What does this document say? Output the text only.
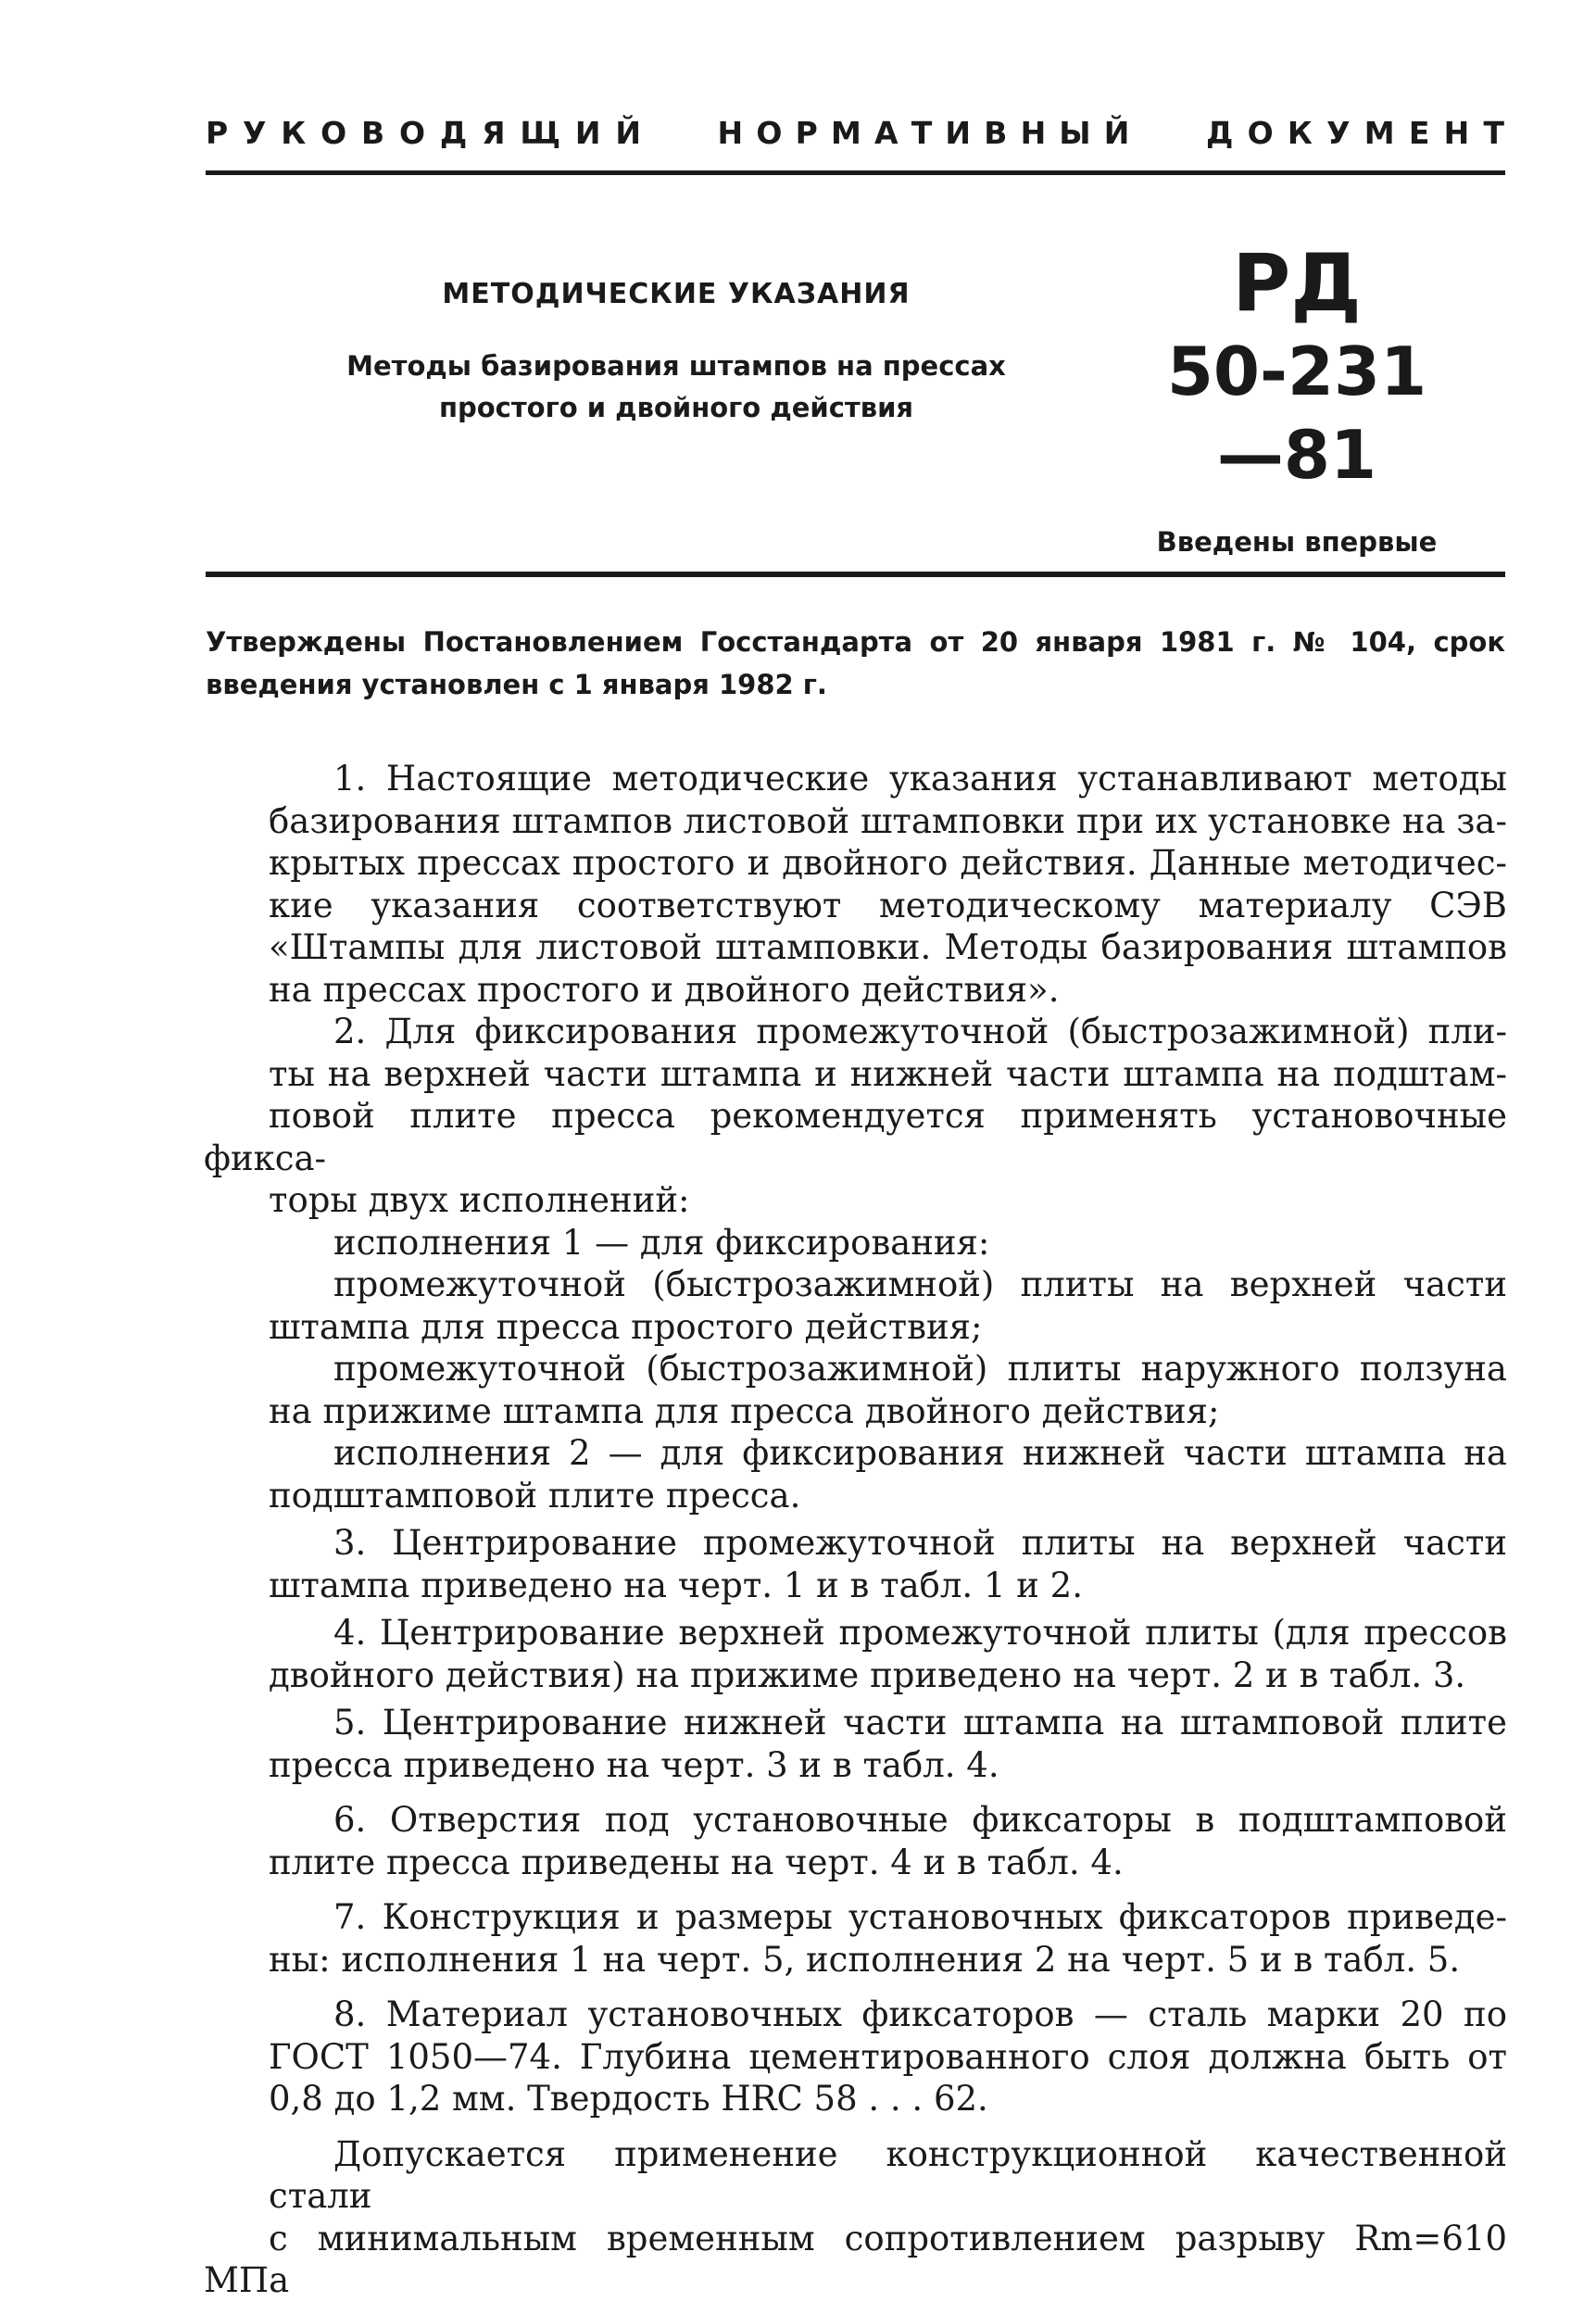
Р У К О В О Д Я Щ И Й	Н О Р М А Т И В Н Ы Й	Д О К У М Е Н Т
МЕТОДИЧЕСКИЕ УКАЗАНИЯ
Методы базирования штампов на прессах
простого и двойного действия
РД
50-231—81
Введены впервые
Утверждены Постановлением Госстандарта от 20 января 1981 г. № 104, срок
введения установлен с 1 января 1982 г.
1. Настоящие методические указания устанавливают методы
базирования штампов листовой штамповки при их установке на за-
крытых прессах простого и двойного действия. Данные методичес-
кие указания соответствуют методическому материалу СЭВ
«Штампы для листовой штамповки. Методы базирования штампов
на прессах простого и двойного действия».
2. Для фиксирования промежуточной (быстрозажимной) пли-
ты на верхней части штампа и нижней части штампа на подштам-
повой плите пресса рекомендуется применять установочные фикса-
торы двух исполнений:
исполнения 1 — для фиксирования:
промежуточной (быстрозажимной) плиты на верхней части
штампа для пресса простого действия;
промежуточной (быстрозажимной) плиты наружного ползуна
на прижиме штампа для пресса двойного действия;
исполнения 2 — для фиксирования нижней части штампа на
подштамповой плите пресса.
3. Центрирование промежуточной плиты на верхней части
штампа приведено на черт. 1 и в табл. 1 и 2.
4. Центрирование верхней промежуточной плиты (для прессов
двойного действия) на прижиме приведено на черт. 2 и в табл. 3.
5. Центрирование нижней части штампа на штамповой плите
пресса приведено на черт. 3 и в табл. 4.
6. Отверстия под установочные фиксаторы в подштамповой
плите пресса приведены на черт. 4 и в табл. 4.
7. Конструкция и размеры установочных фиксаторов приведе-
ны: исполнения 1 на черт. 5, исполнения 2 на черт. 5 и в табл. 5.
8. Материал установочных фиксаторов — сталь марки 20 по
ГОСТ 1050—74. Глубина цементированного слоя должна быть от
0,8 до 1,2 мм. Твердость HRC 58 . . . 62.
Допускается применение конструкционной качественной стали
с минимальным временным сопротивлением разрыву Rm=610 МПа
